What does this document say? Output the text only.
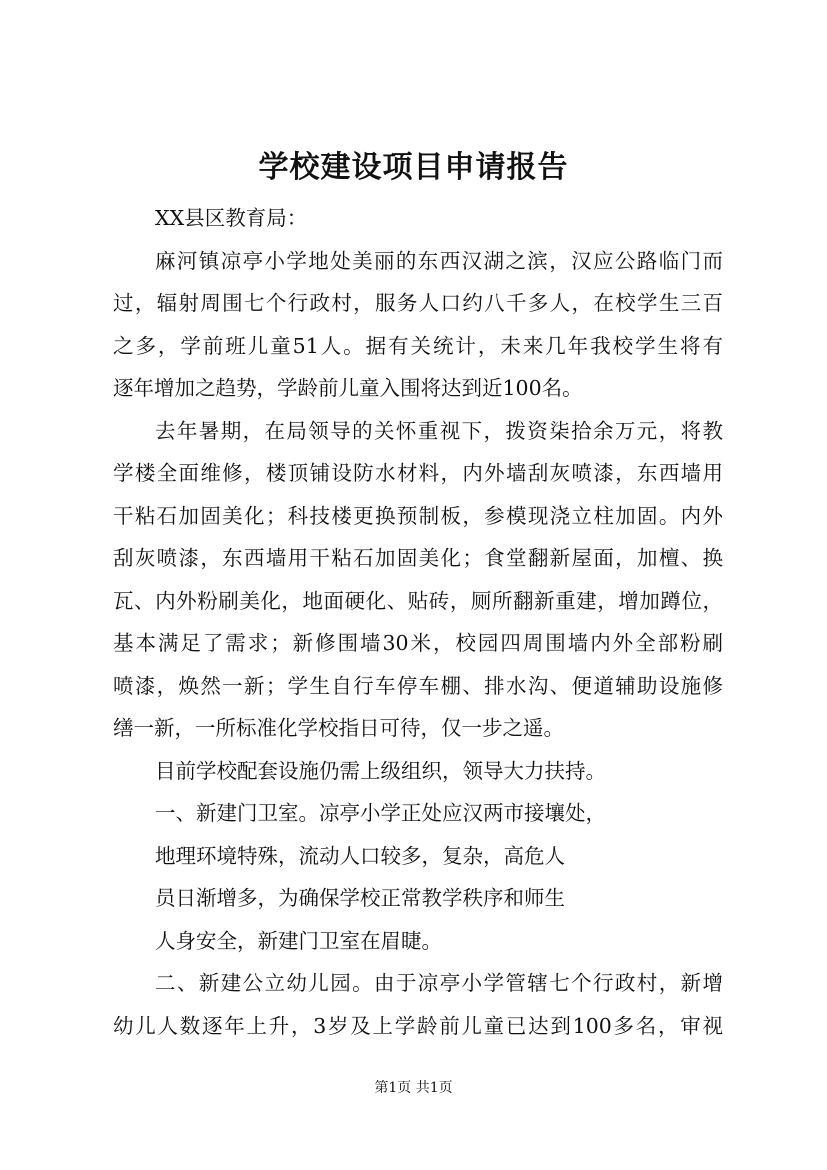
学校建设项目申请报告
XX县区教育局：
麻河镇凉亭小学地处美丽的东西汉湖之滨，汉应公路临门而
过，辐射周围七个行政村，服务人口约八千多人，在校学生三百
之多，学前班儿童51人。据有关统计，未来几年我校学生将有
逐年增加之趋势，学龄前儿童入围将达到近100名。
去年暑期，在局领导的关怀重视下，拨资柒拾余万元，将教
学楼全面维修，楼顶铺设防水材料，内外墙刮灰喷漆，东西墙用
干粘石加固美化；科技楼更换预制板，参模现浇立柱加固。内外
刮灰喷漆，东西墙用干粘石加固美化；食堂翻新屋面，加檀、换
瓦、内外粉刷美化，地面硬化、贴砖，厕所翻新重建，增加蹲位，
基本满足了需求；新修围墙30米，校园四周围墙内外全部粉刷
喷漆，焕然一新；学生自行车停车棚、排水沟、便道辅助设施修
缮一新，一所标准化学校指日可待，仅一步之遥。
目前学校配套设施仍需上级组织，领导大力扶持。
一、新建门卫室。凉亭小学正处应汉两市接壤处，
地理环境特殊，流动人口较多，复杂，高危人
员日渐增多，为确保学校正常教学秩序和师生
人身安全，新建门卫室在眉睫。
二、新建公立幼儿园。由于凉亭小学管辖七个行政村，新增
幼儿人数逐年上升，3岁及上学龄前儿童已达到100多名，审视
第1页 共1页
